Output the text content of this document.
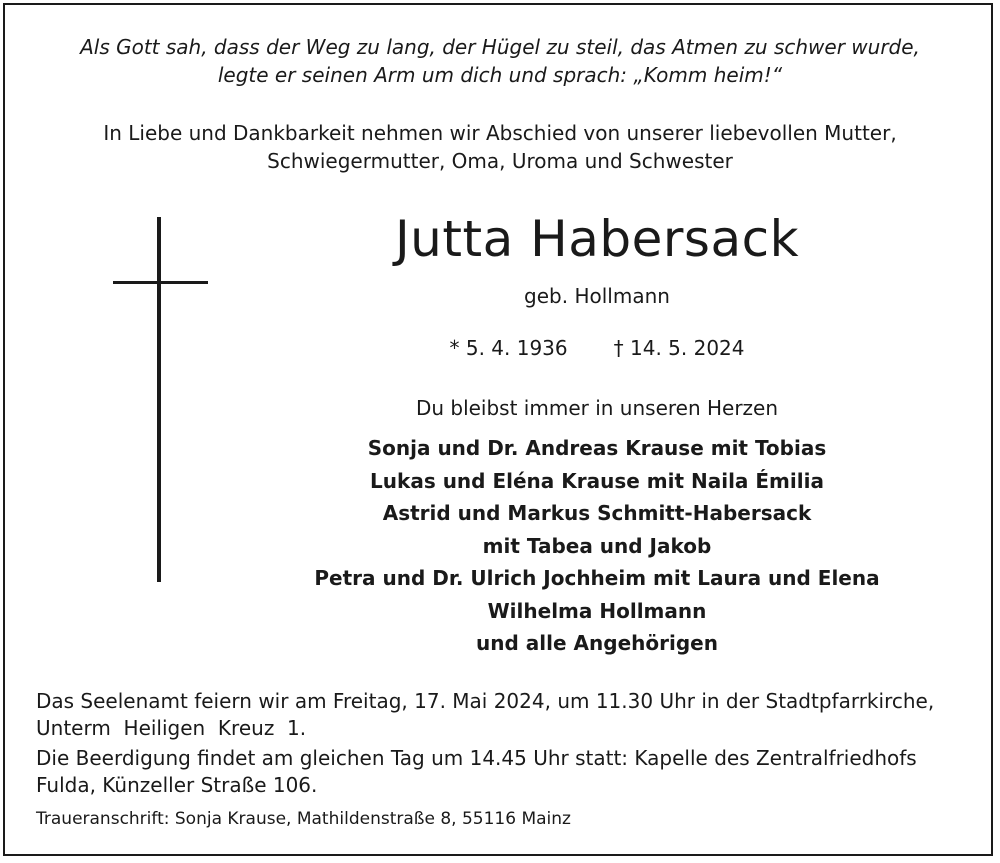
Als Gott sah, dass der Weg zu lang, der Hügel zu steil, das Atmen zu schwer wurde,
legte er seinen Arm um dich und sprach: „Komm heim!“
In Liebe und Dankbarkeit nehmen wir Abschied von unserer liebevollen Mutter,
Schwiegermutter, Oma, Uroma und Schwester
Jutta Habersack
geb. Hollmann
* 5. 4. 1936 † 14. 5. 2024
Du bleibst immer in unseren Herzen
Sonja und Dr. Andreas Krause mit Tobias
Lukas und Eléna Krause mit Naila Émilia
Astrid und Markus Schmitt-Habersack
mit Tabea und Jakob
Petra und Dr. Ulrich Jochheim mit Laura und Elena
Wilhelma Hollmann
und alle Angehörigen
Das Seelenamt feiern wir am Freitag, 17. Mai 2024, um 11.30 Uhr in der Stadtpfarrkirche,
Unterm  Heiligen  Kreuz  1.
Die Beerdigung findet am gleichen Tag um 14.45 Uhr statt: Kapelle des Zentralfriedhofs
Fulda, Künzeller Straße 106.
Traueranschrift: Sonja Krause, Mathildenstraße 8, 55116 Mainz
